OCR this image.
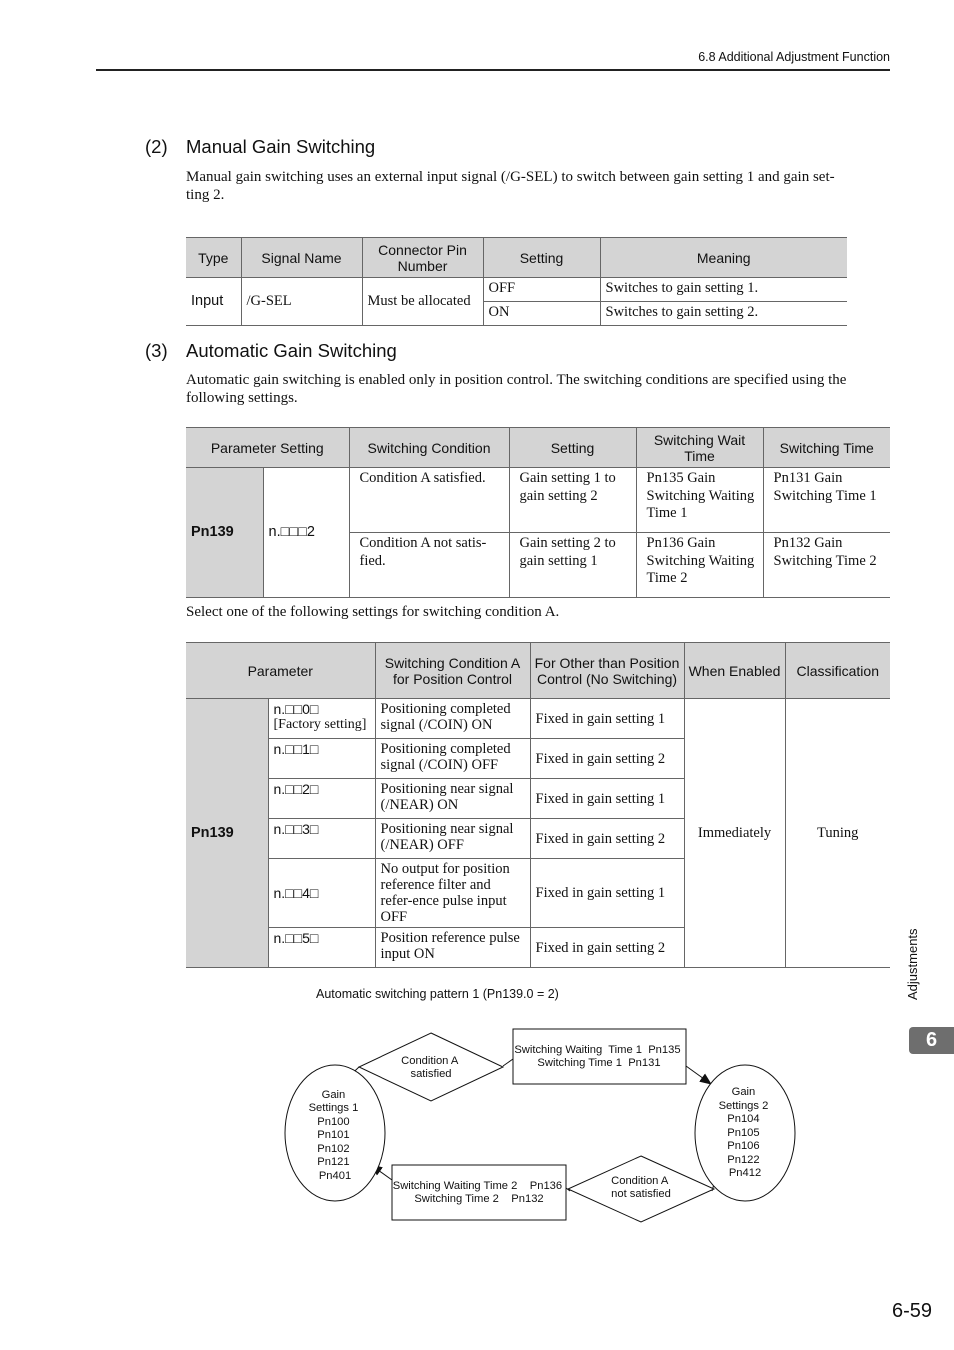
6.8 Additional Adjustment Function
(2) Manual Gain Switching
Manual gain switching uses an external input signal (/G-SEL) to switch between gain setting 1 and gain set-
ting 2.
Type	Signal Name	Connector Pin Number	Setting	Meaning
Input	/G-SEL	Must be allocated	OFF	Switches to gain setting 1.
			ON	Switches to gain setting 2.
(3) Automatic Gain Switching
Automatic gain switching is enabled only in position control. The switching conditions are specified using the
following settings.
Parameter Setting		Switching Condition	Setting	Switching Wait Time	Switching Time
Pn139	n.□□□2	Condition A satisfied.	Gain setting 1 to gain setting 2	Pn135 Gain Switching Waiting Time 1	Pn131 Gain Switching Time 1
		Condition A not satis-fied.	Gain setting 2 to gain setting 1	Pn136 Gain Switching Waiting Time 2	Pn132 Gain Switching Time 2
Select one of the following settings for switching condition A.
Parameter		Switching Condition A for Position Control	For Other than Position Control (No Switching)	When Enabled	Classification
Pn139	n.□□0□
[Factory setting]	Positioning completed signal (/COIN) ON	Fixed in gain setting 1	Immediately	Tuning
	n.□□1□	Positioning completed signal (/COIN) OFF	Fixed in gain setting 2		
	n.□□2□	Positioning near signal (/NEAR) ON	Fixed in gain setting 1		
	n.□□3□	Positioning near signal (/NEAR) OFF	Fixed in gain setting 2		
	n.□□4□	No output for position reference filter and refer-ence pulse input OFF	Fixed in gain setting 1		
	n.□□5□	Position reference pulse input ON	Fixed in gain setting 2		
Automatic switching pattern 1 (Pn139.0 = 2)
Gain Settings 1 Pn100 Pn101 Pn102 Pn121 Pn401
Gain Settings 2 Pn104 Pn105 Pn106 Pn122 Pn412
Condition A satisfied
Condition A not satisfied
Switching Waiting  Time 1  Pn135 Switching Time 1  Pn131
Switching Waiting Time 2    Pn136 Switching Time 2    Pn132
Adjustments
6
6-59
